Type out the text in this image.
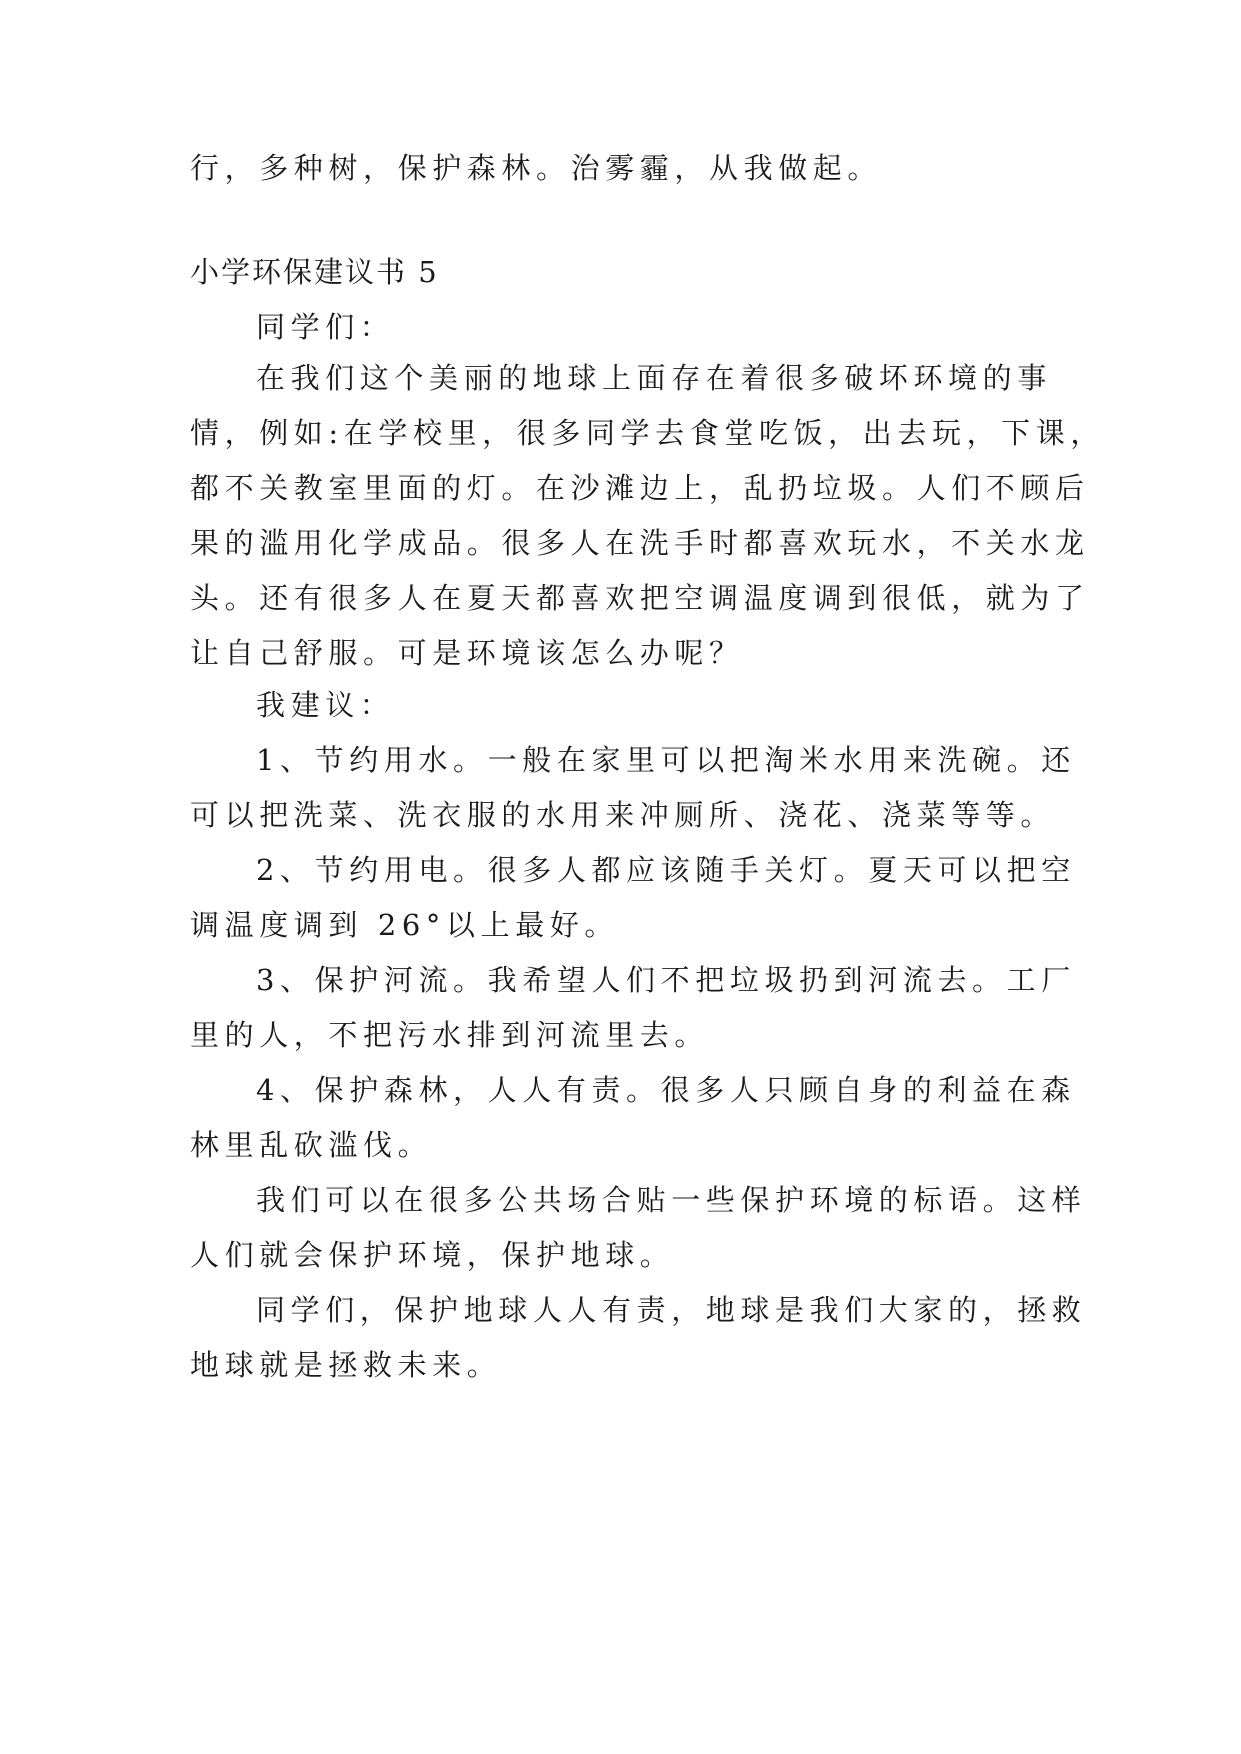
行，多种树，保护森林。治雾霾，从我做起。
小学环保建议书 5
同学们：
在我们这个美丽的地球上面存在着很多破坏环境的事
情，例如:在学校里，很多同学去食堂吃饭，出去玩，下课，
都不关教室里面的灯。在沙滩边上，乱扔垃圾。人们不顾后
果的滥用化学成品。很多人在洗手时都喜欢玩水，不关水龙
头。还有很多人在夏天都喜欢把空调温度调到很低，就为了
让自己舒服。可是环境该怎么办呢？
我建议：
1、节约用水。一般在家里可以把淘米水用来洗碗。还
可以把洗菜、洗衣服的水用来冲厕所、浇花、浇菜等等。
2、节约用电。很多人都应该随手关灯。夏天可以把空
调温度调到 26°以上最好。
3、保护河流。我希望人们不把垃圾扔到河流去。工厂
里的人，不把污水排到河流里去。
4、保护森林，人人有责。很多人只顾自身的利益在森
林里乱砍滥伐。
我们可以在很多公共场合贴一些保护环境的标语。这样
人们就会保护环境，保护地球。
同学们，保护地球人人有责，地球是我们大家的，拯救
地球就是拯救未来。
